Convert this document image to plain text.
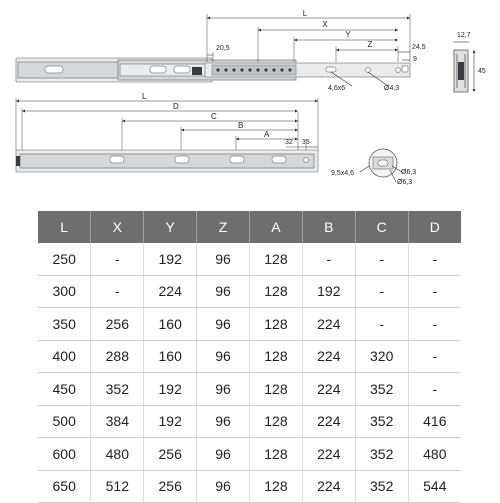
L
X
Y
Z
20,5	24,5
9
4,6x6	Ø4,3
12,7
45
L
D
C
B
A
32 35
9,5x4,6	Ø6,3
Ø6,3
L	X	Y	Z	A	B	C	D
250	-	192	96	128	-	-	-
300	-	224	96	128	192	-	-
350	256	160	96	128	224	-	-
400	288	160	96	128	224	320	-
450	352	192	96	128	224	352	-
500	384	192	96	128	224	352	416
600	480	256	96	128	224	352	480
650	512	256	96	128	224	352	544
